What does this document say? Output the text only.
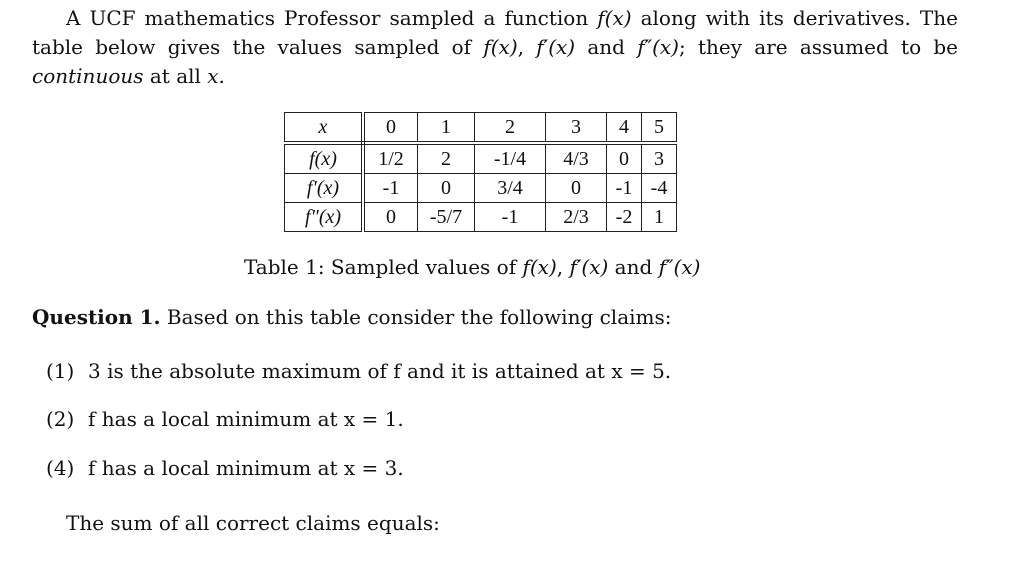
A UCF mathematics Professor sampled a function f(x) along with its derivatives. The table below gives the values sampled of f(x), f′(x) and f″(x); they are assumed to be continuous at all x.

x	0	1	2	3	4	5
f(x)	1/2	2	-1/4	4/3	0	3
f′(x)	-1	0	3/4	0	-1	-4
f″(x)	0	-5/7	-1	2/3	-2	1
Table 1: Sampled values of f(x), f′(x) and f″(x)
Question 1. Based on this table consider the following claims:
(1) 3 is the absolute maximum of f and it is attained at x = 5.
(2) f has a local minimum at x = 1.
(4) f has a local minimum at x = 3.
The sum of all correct claims equals:
